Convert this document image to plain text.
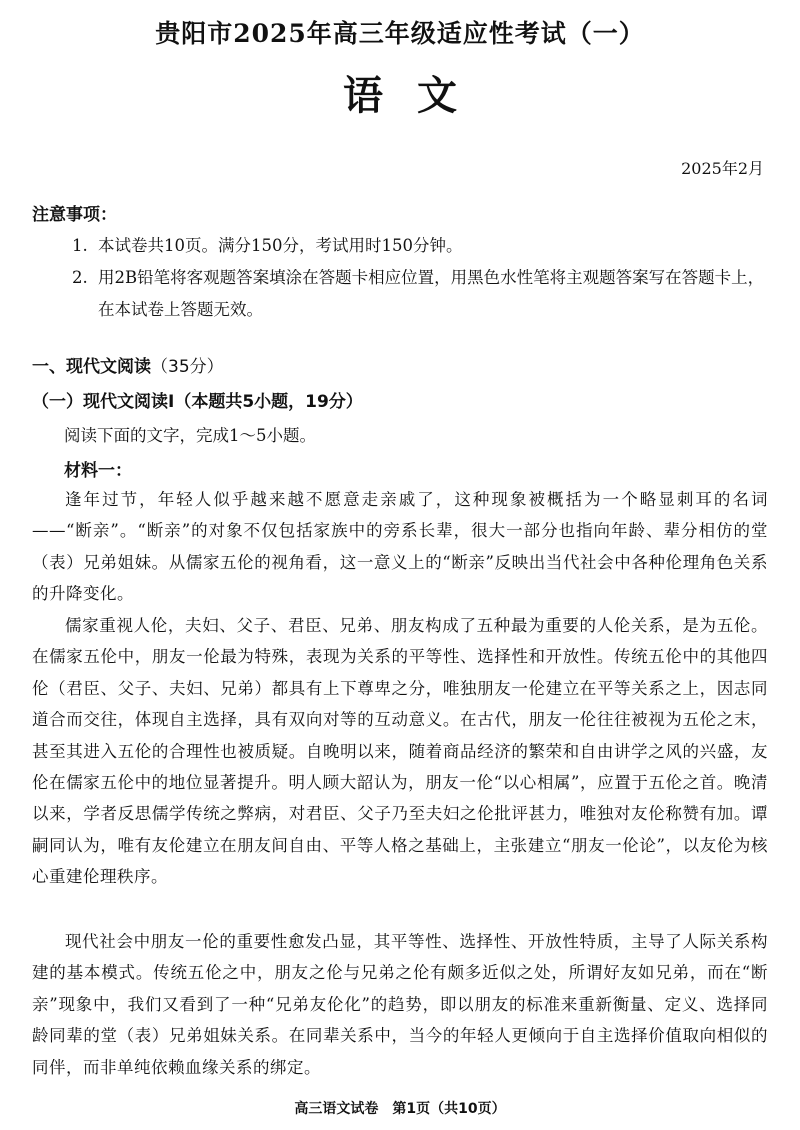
贵阳市2025年高三年级适应性考试（一）
语文
2025年2月
注意事项：
1. 本试卷共10页。满分150分，考试用时150分钟。
2. 用2B铅笔将客观题答案填涂在答题卡相应位置，用黑色水性笔将主观题答案写在答题卡上，在本试卷上答题无效。
一、现代文阅读（35分）
（一）现代文阅读Ⅰ（本题共5小题，19分）
阅读下面的文字，完成1～5小题。
材料一：
逢年过节，年轻人似乎越来越不愿意走亲戚了，这种现象被概括为一个略显刺耳的名词——“断亲”。“断亲”的对象不仅包括家族中的旁系长辈，很大一部分也指向年龄、辈分相仿的堂（表）兄弟姐妹。从儒家五伦的视角看，这一意义上的“断亲”反映出当代社会中各种伦理角色关系的升降变化。
儒家重视人伦，夫妇、父子、君臣、兄弟、朋友构成了五种最为重要的人伦关系，是为五伦。在儒家五伦中，朋友一伦最为特殊，表现为关系的平等性、选择性和开放性。传统五伦中的其他四伦（君臣、父子、夫妇、兄弟）都具有上下尊卑之分，唯独朋友一伦建立在平等关系之上，因志同道合而交往，体现自主选择，具有双向对等的互动意义。在古代，朋友一伦往往被视为五伦之末，甚至其进入五伦的合理性也被质疑。自晚明以来，随着商品经济的繁荣和自由讲学之风的兴盛，友伦在儒家五伦中的地位显著提升。明人顾大韶认为，朋友一伦“以心相属”，应置于五伦之首。晚清以来，学者反思儒学传统之弊病，对君臣、父子乃至夫妇之伦批评甚力，唯独对友伦称赞有加。谭嗣同认为，唯有友伦建立在朋友间自由、平等人格之基础上，主张建立“朋友一伦论”，以友伦为核心重建伦理秩序。
现代社会中朋友一伦的重要性愈发凸显，其平等性、选择性、开放性特质，主导了人际关系构建的基本模式。传统五伦之中，朋友之伦与兄弟之伦有颇多近似之处，所谓好友如兄弟，而在“断亲”现象中，我们又看到了一种“兄弟友伦化”的趋势，即以朋友的标准来重新衡量、定义、选择同龄同辈的堂（表）兄弟姐妹关系。在同辈关系中，当今的年轻人更倾向于自主选择价值取向相似的同伴，而非单纯依赖血缘关系的绑定。
高三语文试卷　第1页（共10页）
